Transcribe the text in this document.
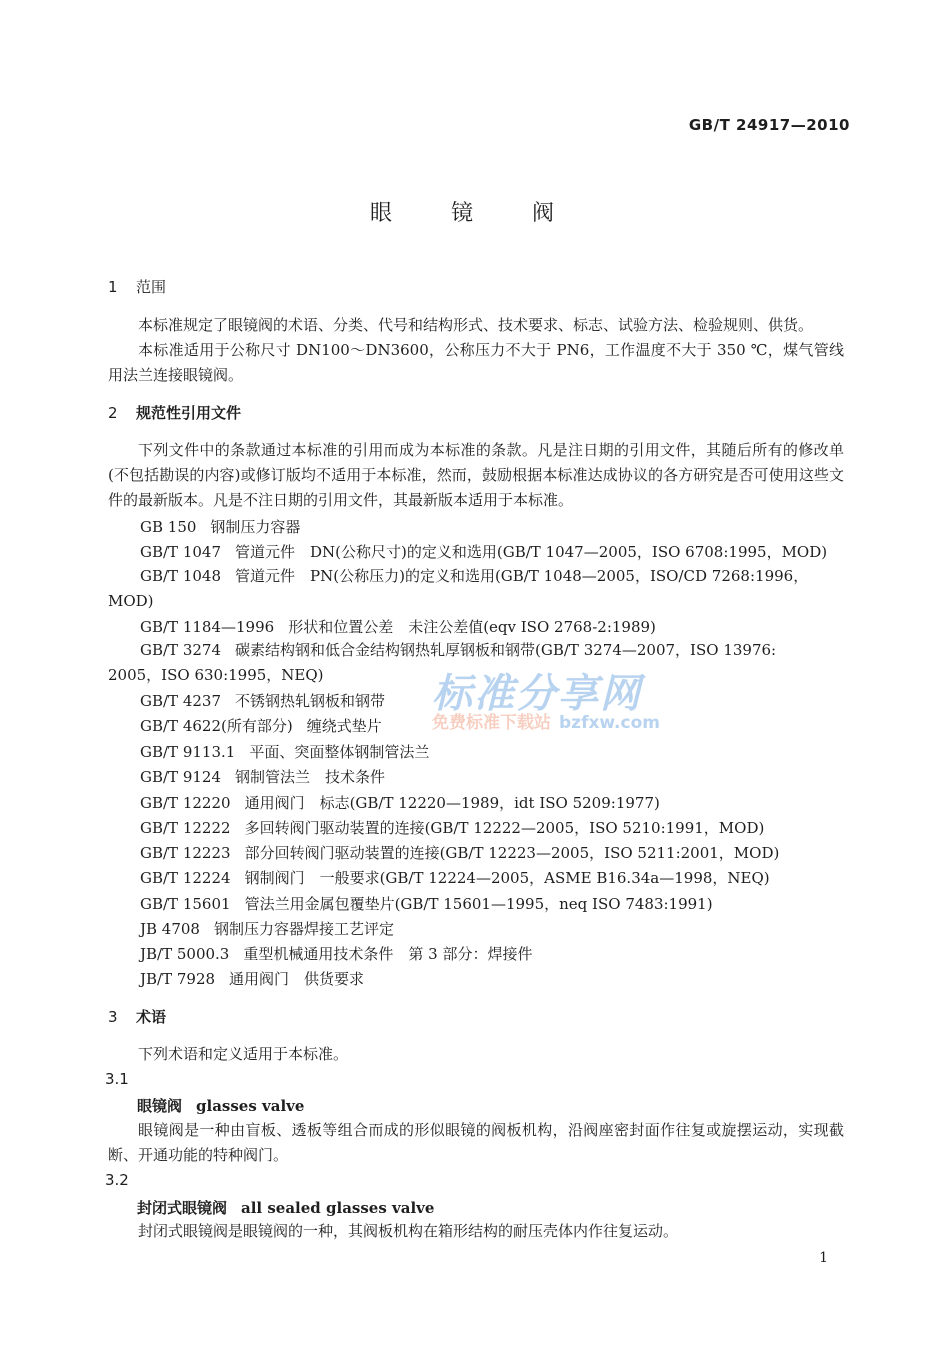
GB/T 24917—2010
眼 镜 阀
1 范围

本标准规定了眼镜阀的术语、分类、代号和结构形式、技术要求、标志、试验方法、检验规则、供货。

本标准适用于公称尺寸 DN100～DN3600，公称压力不大于 PN6，工作温度不大于 350 ℃，煤气管线用法兰连接眼镜阀。

2 规范性引用文件

下列文件中的条款通过本标准的引用而成为本标准的条款。凡是注日期的引用文件，其随后所有的修改单(不包括勘误的内容)或修订版均不适用于本标准，然而，鼓励根据本标准达成协议的各方研究是否可使用这些文件的最新版本。凡是不注日期的引用文件，其最新版本适用于本标准。

GB 150 钢制压力容器
GB/T 1047 管道元件　DN(公称尺寸)的定义和选用(GB/T 1047—2005，ISO 6708:1995，MOD)
GB/T 1048 管道元件　PN(公称压力)的定义和选用(GB/T 1048—2005，ISO/CD 7268:1996，
MOD)
GB/T 1184—1996 形状和位置公差　未注公差值(eqv ISO 2768-2:1989)
GB/T 3274 碳素结构钢和低合金结构钢热轧厚钢板和钢带(GB/T 3274—2007，ISO 13976:
2005，ISO 630:1995，NEQ)
GB/T 4237 不锈钢热轧钢板和钢带
GB/T 4622(所有部分) 缠绕式垫片
GB/T 9113.1 平面、突面整体钢制管法兰
GB/T 9124 钢制管法兰　技术条件
GB/T 12220 通用阀门　标志(GB/T 12220—1989，idt ISO 5209:1977)
GB/T 12222 多回转阀门驱动装置的连接(GB/T 12222—2005，ISO 5210:1991，MOD)
GB/T 12223 部分回转阀门驱动装置的连接(GB/T 12223—2005，ISO 5211:2001，MOD)
GB/T 12224 钢制阀门　一般要求(GB/T 12224—2005，ASME B16.34a—1998，NEQ)
GB/T 15601 管法兰用金属包覆垫片(GB/T 15601—1995，neq ISO 7483:1991)
JB 4708 钢制压力容器焊接工艺评定
JB/T 5000.3 重型机械通用技术条件　第 3 部分：焊接件
JB/T 7928 通用阀门　供货要求
3 术语

下列术语和定义适用于本标准。

3.1
眼镜阀 glasses valve

眼镜阀是一种由盲板、透板等组合而成的形似眼镜的阀板机构，沿阀座密封面作往复或旋摆运动，实现截断、开通功能的特种阀门。

3.2
封闭式眼镜阀 all sealed glasses valve

封闭式眼镜阀是眼镜阀的一种，其阀板机构在箱形结构的耐压壳体内作往复运动。

标准分享网
免费标准下载站 bzfxw.com
1
